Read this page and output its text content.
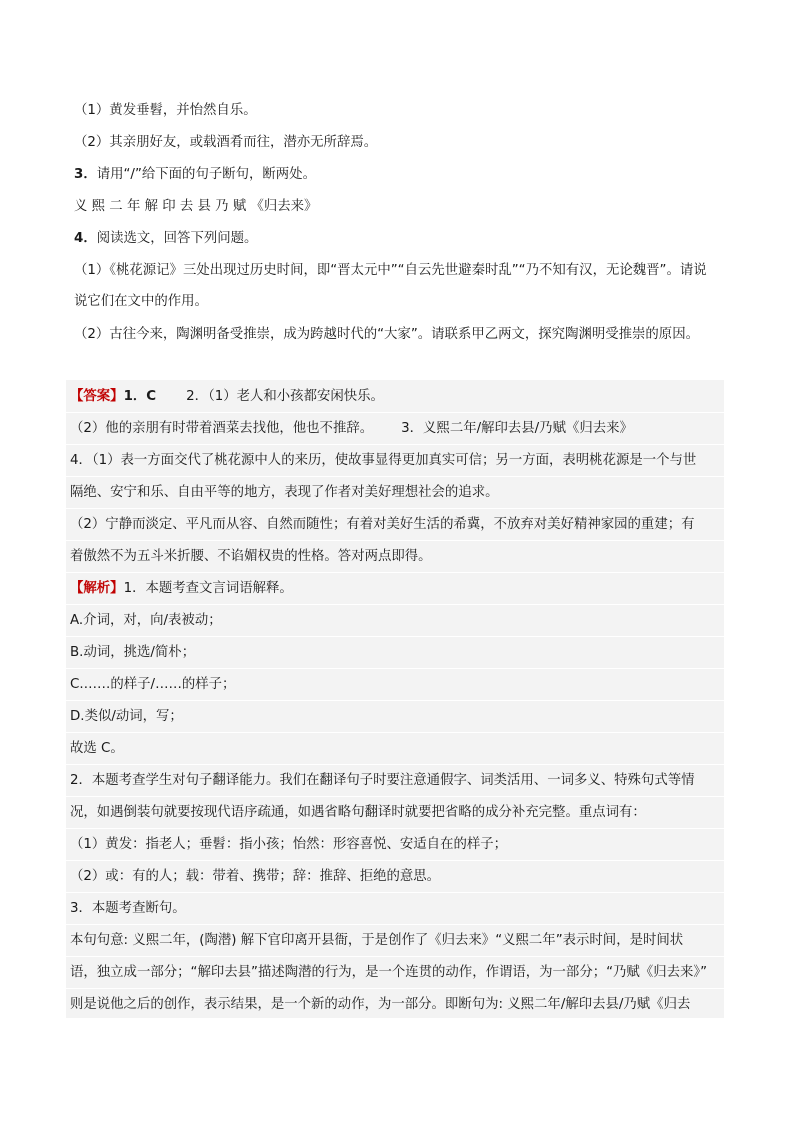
（1）黄发垂髫，并怡然自乐。
（2）其亲朋好友，或载酒肴而往，潜亦无所辞焉。
3．请用“/”给下面的句子断句，断两处。
义 熙 二 年 解 印 去 县 乃 赋 《归去来》
4．阅读选文，回答下列问题。
（1）《桃花源记》三处出现过历史时间，即“晋太元中”“自云先世避秦时乱”“乃不知有汉，无论魏晋”。请说
说它们在文中的作用。
（2）古往今来，陶渊明备受推崇，成为跨越时代的“大家”。请联系甲乙两文，探究陶渊明受推崇的原因。
【答案】1．C 2．（1）老人和小孩都安闲快乐。
（2）他的亲朋有时带着酒菜去找他，他也不推辞。 3．义熙二年/解印去县/乃赋《归去来》
4．（1）表一方面交代了桃花源中人的来历，使故事显得更加真实可信；另一方面，表明桃花源是一个与世
隔绝、安宁和乐、自由平等的地方，表现了作者对美好理想社会的追求。
（2）宁静而淡定、平凡而从容、自然而随性；有着对美好生活的希冀，不放弃对美好精神家园的重建；有
着傲然不为五斗米折腰、不谄媚权贵的性格。答对两点即得。
【解析】1．本题考查文言词语解释。
A.介词，对，向/表被动；
B.动词，挑选/简朴；
C.……的样子/……的样子；
D.类似/动词，写；
故选 C。
2．本题考查学生对句子翻译能力。我们在翻译句子时要注意通假字、词类活用、一词多义、特殊句式等情
况，如遇倒装句就要按现代语序疏通，如遇省略句翻译时就要把省略的成分补充完整。重点词有：
（1）黄发：指老人；垂髫：指小孩；怡然：形容喜悦、安适自在的样子；
（2）或：有的人；载：带着、携带；辞：推辞、拒绝的意思。
3．本题考查断句。
本句句意: 义熙二年，(陶潜) 解下官印离开县衙，于是创作了《归去来》“义熙二年”表示时间，是时间状
语，独立成一部分；“解印去县”描述陶潜的行为，是一个连贯的动作，作谓语，为一部分；“乃赋《归去来》”
则是说他之后的创作，表示结果，是一个新的动作，为一部分。即断句为: 义熙二年/解印去县/乃赋《归去
